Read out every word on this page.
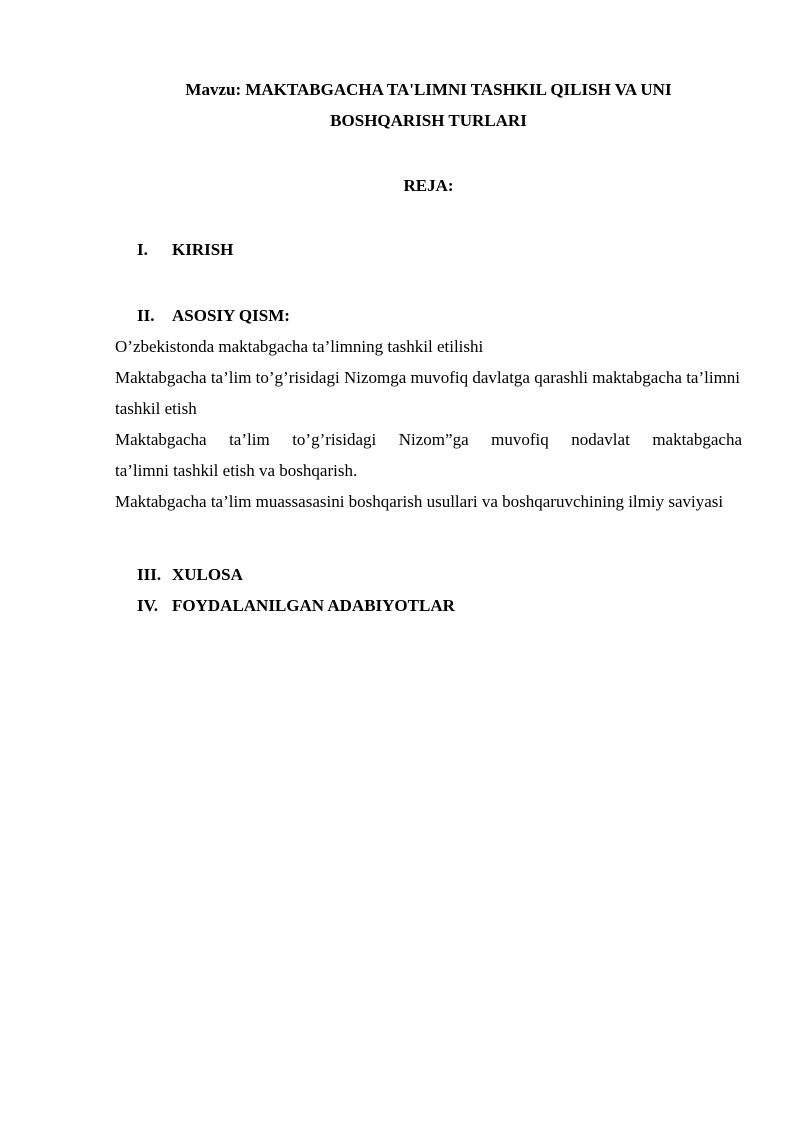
Mavzu: MAKTABGACHA TA'LIMNI TASHKIL QILISH VA UNI
BOSHQARISH TURLARI
REJA:
I. KIRISH
II. ASOSIY QISM:

O’zbekistonda maktabgacha ta’limning tashkil etilishi

Maktabgacha ta’lim to’g’risidagi Nizomga muvofiq davlatga qarashli maktabgacha ta’limni tashkil etish

Maktabgacha ta’lim to’g’risidagi Nizom”ga muvofiq nodavlat maktabgacha
ta’limni tashkil etish va boshqarish.

Maktabgacha ta’lim muassasasini boshqarish usullari va boshqaruvchining ilmiy saviyasi

III. XULOSA
IV. FOYDALANILGAN ADABIYOTLAR
